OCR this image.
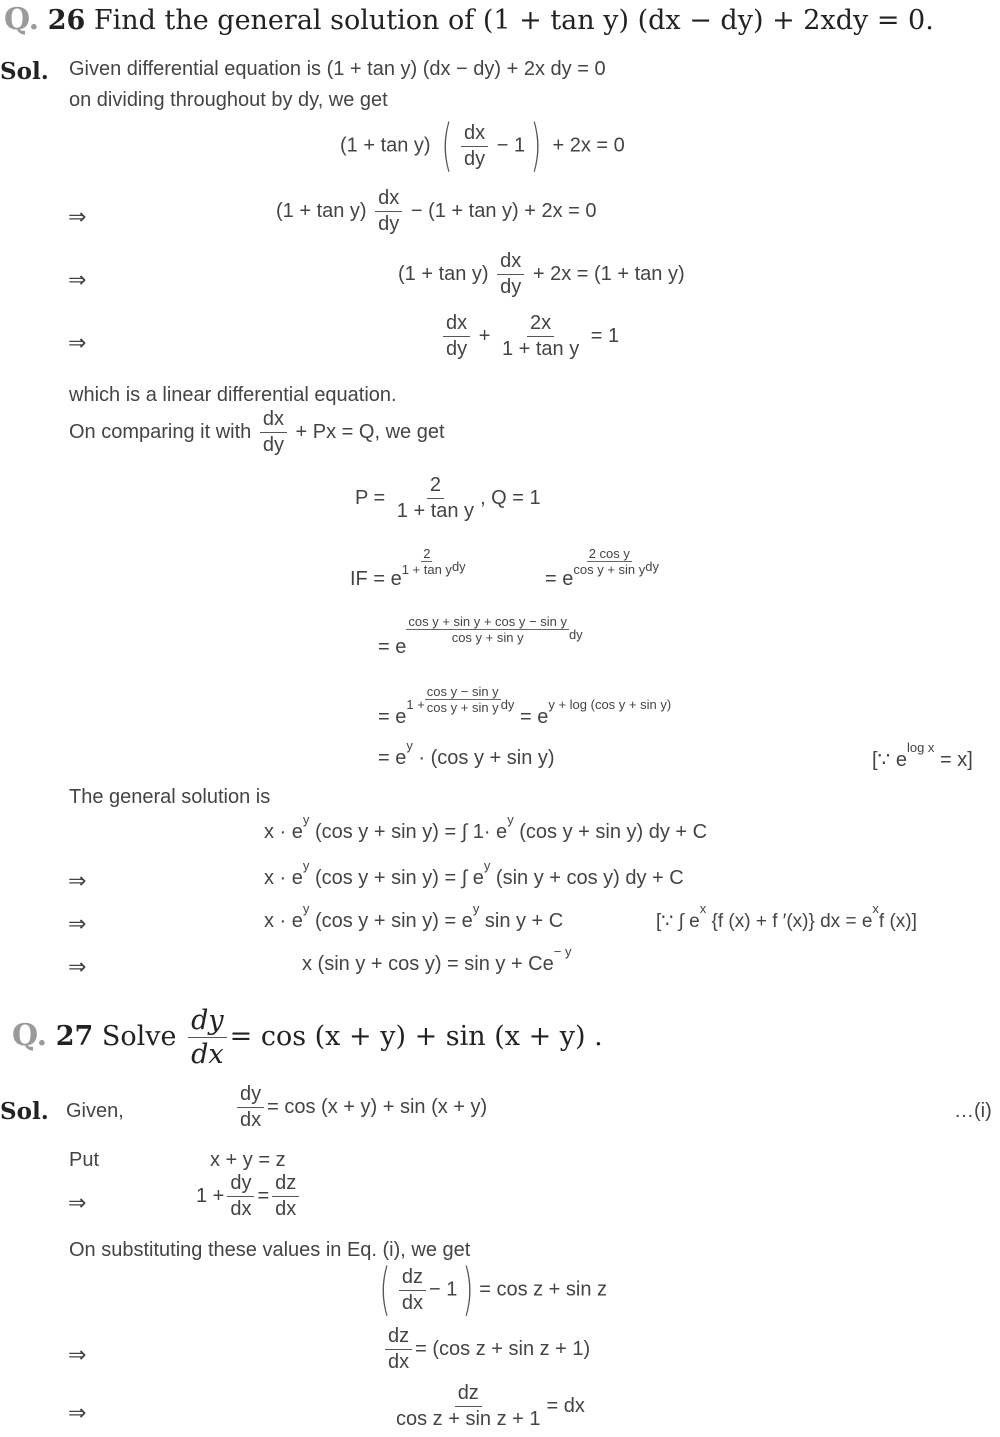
Q. 26 Find the general solution of (1 + tan y) (dx − dy) + 2xdy = 0.
Sol. Given differential equation is (1 + tan y) (dx − dy) + 2x dy = 0
on dividing throughout by dy, we get
(1 + tan y) ( $\frac{dx}{dy} - 1) + 2x = 0$
⇒	$(1 + \tan y) \frac{dx}{dy} - (1 + \tan y) + 2x = 0$
⇒	$(1 + \tan y) \frac{dx}{dy} + 2x = (1 + \tan y)$
⇒	$\frac{dx}{dy} + \frac{2x}{\text{1 + tan y}} = 1$
which is a linear differential equation.
On comparing it with $\frac{dx}{dy} + Px = Q$, we get
$P = \frac{2}{\text{1 + tan y}}$ , Q = 1
IF = e
$\frac{2}{\text{1 + tan y}} ^{dy}$
= e
$\frac{\text{2 cos y}}{\text{cos y + sin y}} ^{dy}$
= e
$\frac{\text{cos y + sin y + cos y − sin y}}{\text{cos y + sin y}} ^{dy}$
= $e^{1 +} \frac{\text{cos y − sin y}}{\text{cos y + sin y}} ^{dy} = e^{y + log (cos y + sin y)}$
= $e^y \cdot (\cos$ y + sin y)	[∵ $e^{log x} = x$]
The general solution is
$x \cdot e^y$ (cos y + sin y) = ∫ $1\cdot e^y$ (cos y + sin y) dy + C
⇒	$x \cdot e^y$ (cos y + sin y) = ∫ $e^y$ (sin y + cos y) dy + C
⇒	$x \cdot e^y$ (cos $y + \sin y) = e^y$ sin y + C	[∵ ∫ $e^x$ {f (x) + f ′(x)} dx = $e^xf$ (x)]
⇒	x (sin $y + \cos y) = \sin y + Ce^{- y}$
Q. 27 Solve $\frac{dy}{dx} = \cos (x + y) + \sin (x + y)$ .
Sol. Given,	$\frac{dy}{dx} = \cos (x + y) + \sin (x + y)$	…(i)
Put	x + y = z
⇒	$1 + \frac{dy}{dx} = \frac{dz}{dx}$
On substituting these values in Eq. (i), we get
( $\frac{dz}{dx} - 1) = \cos z + \sin z$
⇒	$\frac{dz}{dx} = (\cos$ z + sin z + 1)
⇒	$\frac{dz}{\text{cos z + sin z + 1}}$ = dx
